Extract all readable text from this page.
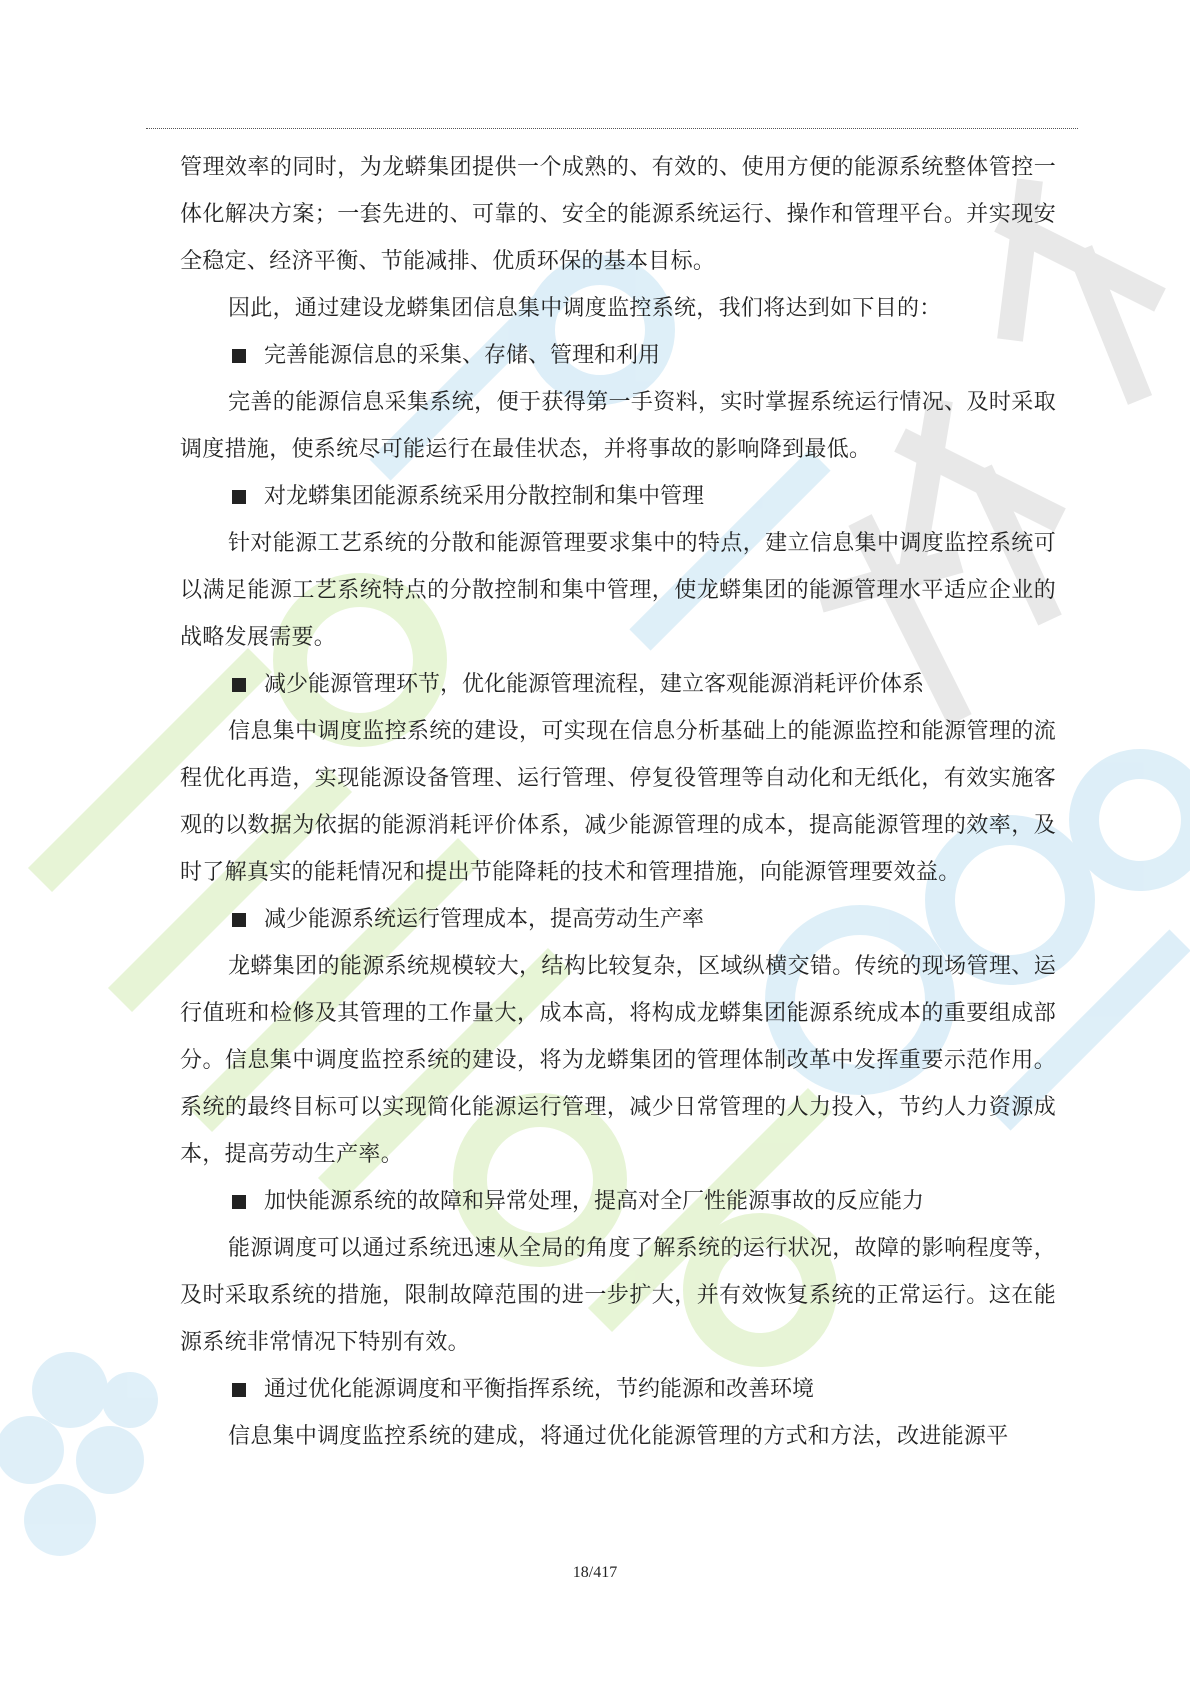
管理效率的同时，为龙蟒集团提供一个成熟的、有效的、使用方便的能源系统整体管控一体化解决方案；一套先进的、可靠的、安全的能源系统运行、操作和管理平台。并实现安全稳定、经济平衡、节能减排、优质环保的基本目标。

因此，通过建设龙蟒集团信息集中调度监控系统，我们将达到如下目的：

完善能源信息的采集、存储、管理和利用

完善的能源信息采集系统，便于获得第一手资料，实时掌握系统运行情况、及时采取调度措施，使系统尽可能运行在最佳状态，并将事故的影响降到最低。

对龙蟒集团能源系统采用分散控制和集中管理

针对能源工艺系统的分散和能源管理要求集中的特点，建立信息集中调度监控系统可以满足能源工艺系统特点的分散控制和集中管理，使龙蟒集团的能源管理水平适应企业的战略发展需要。

减少能源管理环节，优化能源管理流程，建立客观能源消耗评价体系

信息集中调度监控系统的建设，可实现在信息分析基础上的能源监控和能源管理的流程优化再造，实现能源设备管理、运行管理、停复役管理等自动化和无纸化，有效实施客观的以数据为依据的能源消耗评价体系，减少能源管理的成本，提高能源管理的效率，及时了解真实的能耗情况和提出节能降耗的技术和管理措施，向能源管理要效益。

减少能源系统运行管理成本，提高劳动生产率

龙蟒集团的能源系统规模较大，结构比较复杂，区域纵横交错。传统的现场管理、运行值班和检修及其管理的工作量大，成本高，将构成龙蟒集团能源系统成本的重要组成部分。信息集中调度监控系统的建设，将为龙蟒集团的管理体制改革中发挥重要示范作用。系统的最终目标可以实现简化能源运行管理，减少日常管理的人力投入，节约人力资源成本，提高劳动生产率。

加快能源系统的故障和异常处理，提高对全厂性能源事故的反应能力

能源调度可以通过系统迅速从全局的角度了解系统的运行状况，故障的影响程度等，及时采取系统的措施，限制故障范围的进一步扩大，并有效恢复系统的正常运行。这在能源系统非常情况下特别有效。

通过优化能源调度和平衡指挥系统，节约能源和改善环境

信息集中调度监控系统的建成，将通过优化能源管理的方式和方法，改进能源平

18/417
